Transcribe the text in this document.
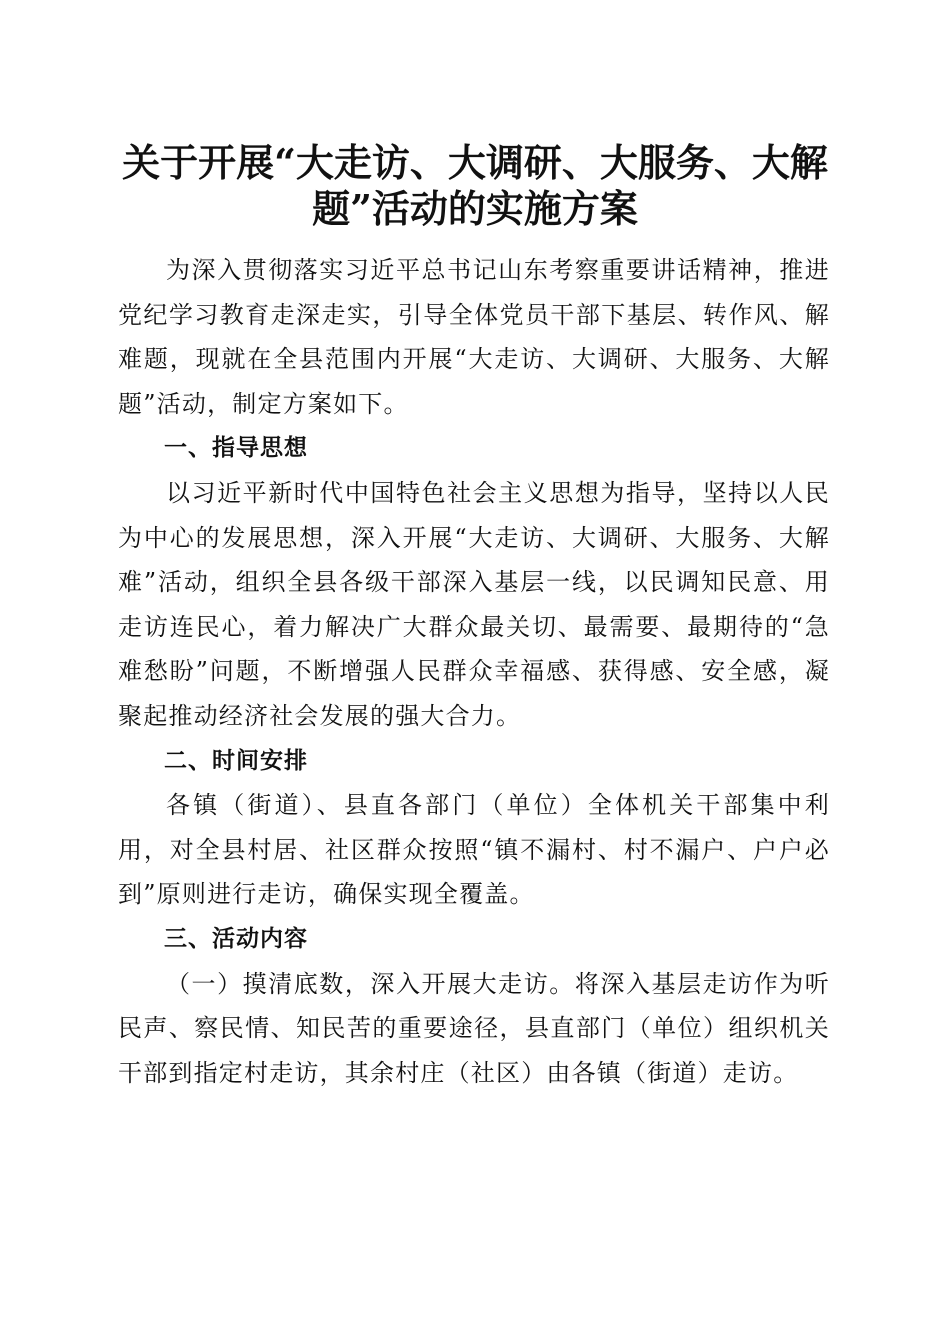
关于开展“大走访、大调研、大服务、大解
题”活动的实施方案

为深入贯彻落实习近平总书记山东考察重要讲话精神，推进党纪学习教育走深走实，引导全体党员干部下基层、转作风、解难题，现就在全县范围内开展“大走访、大调研、大服务、大解题”活动，制定方案如下。

一、指导思想

以习近平新时代中国特色社会主义思想为指导，坚持以人民为中心的发展思想，深入开展“大走访、大调研、大服务、大解难”活动，组织全县各级干部深入基层一线，以民调知民意、用走访连民心，着力解决广大群众最关切、最需要、最期待的“急难愁盼”问题，不断增强人民群众幸福感、获得感、安全感，凝聚起推动经济社会发展的强大合力。

二、时间安排

各镇（街道）、县直各部门（单位）全体机关干部集中利用，对全县村居、社区群众按照“镇不漏村、村不漏户、户户必到”原则进行走访，确保实现全覆盖。

三、活动内容

（一）摸清底数，深入开展大走访。将深入基层走访作为听民声、察民情、知民苦的重要途径，县直部门（单位）组织机关干部到指定村走访，其余村庄（社区）由各镇（街道）走访。
